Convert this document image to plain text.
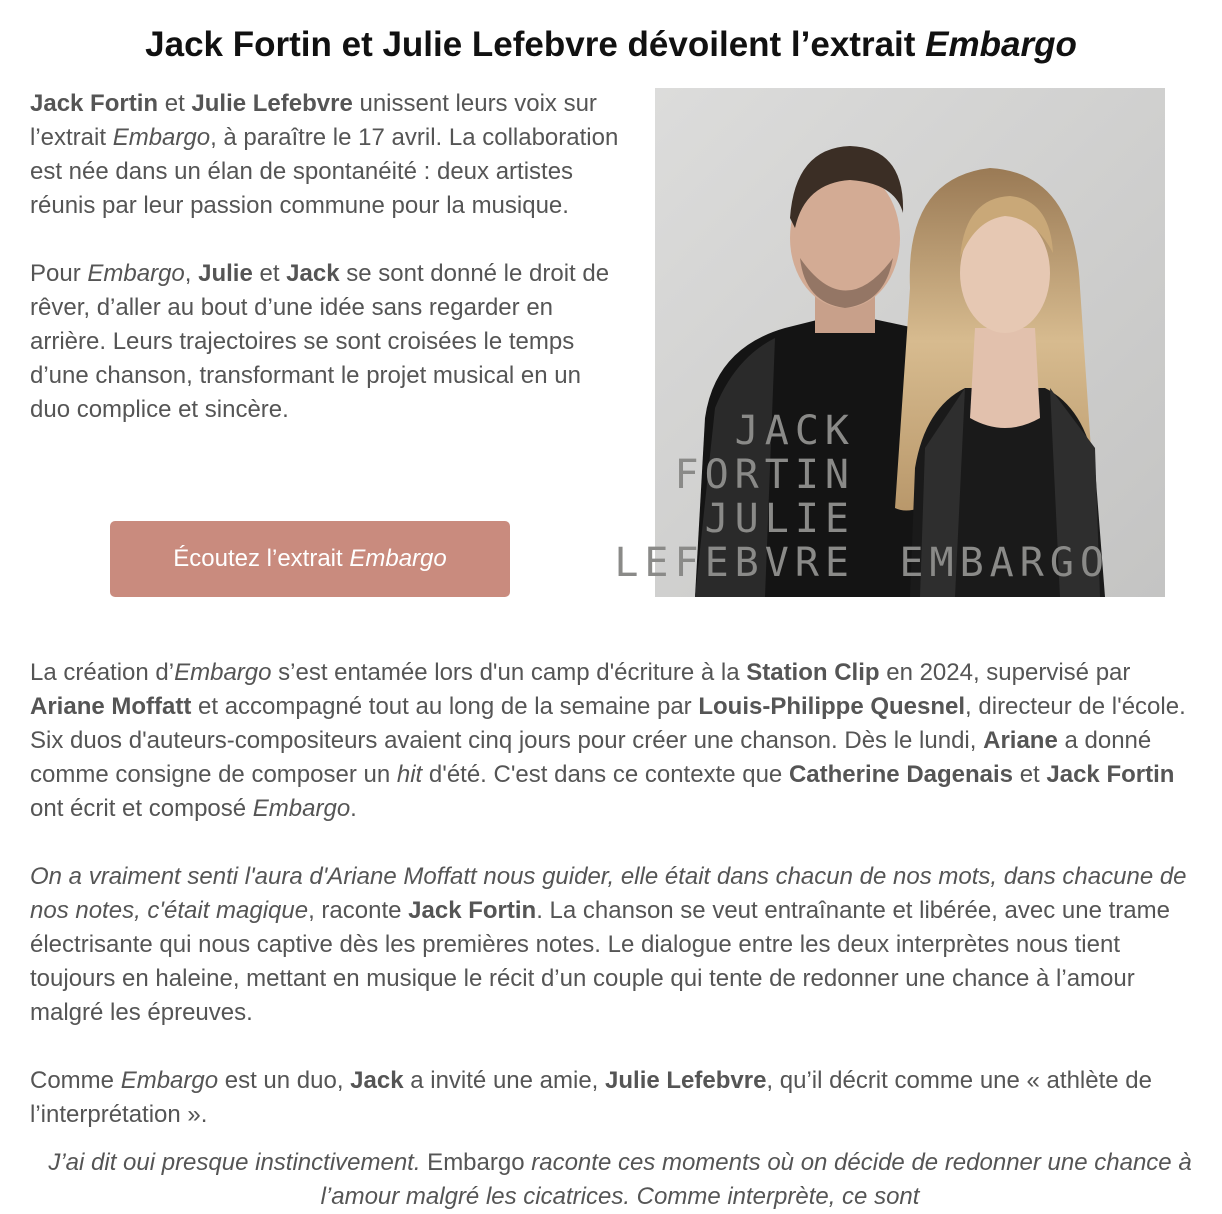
Jack Fortin et Julie Lefebvre dévoilent l’extrait Embargo

Jack Fortin et Julie Lefebvre unissent leurs voix sur l’extrait Embargo, à paraître le 17 avril. La collaboration est née dans un élan de spontanéité : deux artistes réunis par leur passion commune pour la musique.

Pour Embargo, Julie et Jack se sont donné le droit de rêver, d’aller au bout d’une idée sans regarder en arrière. Leurs trajectoires se sont croisées le temps d’une chanson, transformant le projet musical en un duo complice et sincère.

Écoutez l’extrait Embargo
JACK
FORTIN
JULIE
LEFEBVRE EMBARGO

La création d’Embargo s’est entamée lors d'un camp d'écriture à la Station Clip en 2024, supervisé par Ariane Moffatt et accompagné tout au long de la semaine par Louis-Philippe Quesnel, directeur de l'école. Six duos d'auteurs-compositeurs avaient cinq jours pour créer une chanson. Dès le lundi, Ariane a donné comme consigne de composer un hit d'été. C'est dans ce contexte que Catherine Dagenais et Jack Fortin ont écrit et composé Embargo.

On a vraiment senti l'aura d'Ariane Moffatt nous guider, elle était dans chacun de nos mots, dans chacune de nos notes, c'était magique, raconte Jack Fortin. La chanson se veut entraînante et libérée, avec une trame électrisante qui nous captive dès les premières notes. Le dialogue entre les deux interprètes nous tient toujours en haleine, mettant en musique le récit d’un couple qui tente de redonner une chance à l’amour malgré les épreuves.

Comme Embargo est un duo, Jack a invité une amie, Julie Lefebvre, qu’il décrit comme une « athlète de l’interprétation ».

J’ai dit oui presque instinctivement. Embargo raconte ces moments où on décide de redonner une chance à l’amour malgré les cicatrices. Comme interprète, ce sont
